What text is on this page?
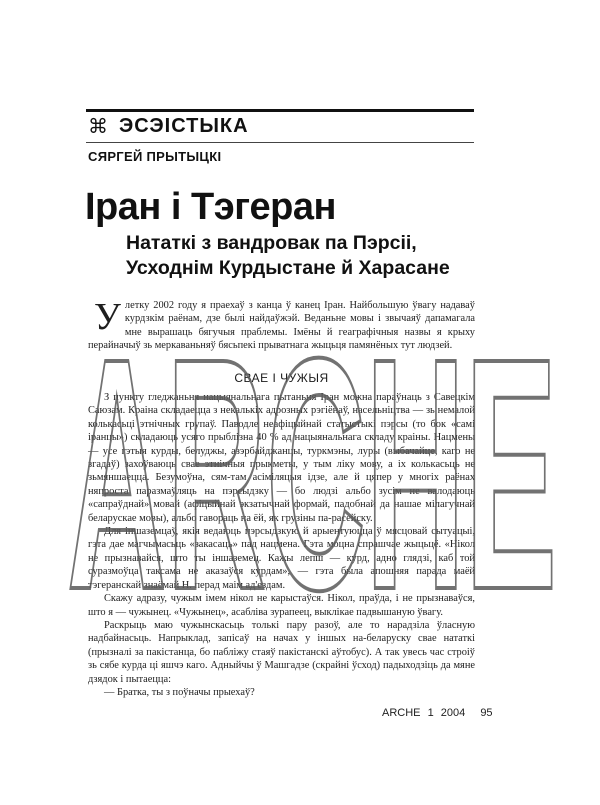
ARCHE
⌘ ЭСЭІСТЫКА
СЯРГЕЙ ПРЫТЫЦКІ
Іран і Тэгеран
Нататкі з вандровак па Пэрсіі,
Усходнім Курдыстане й Харасане
У летку 2002 году я праехаў з канца ў канец Іран. Найбольшую ўвагу надаваў курдзкім раёнам, дзе былі найдаўжэй. Веданьне мовы і звычаяў дапамагала мне вырашаць бягучыя праблемы. Імёны й геаграфічныя назвы я крыху перайначыў зь меркаваньняў бясьпекі прыватнага жыцьця памянёных тут людзей.
СВАЕ І ЧУЖЫЯ

З пункту гледжаньня нацыянальнага пытаньня Іран можна параўнаць з Савецкім Саюзам. Краіна складаецца з некалькіх адрозных рэгіёнаў, насельніцтва — зь немалой колькасьці этнічных групаў. Паводле неафіцыйнай статыстыкі пэрсы (то бок «самі іранцы») складаюць усяго прыблізна 40 % ад нацыянальнага складу краіны. Нацмены — усе гэтыя курды, белуджы, азэрбайджанцы, туркмэны, луры (выбачайце, каго не згадаў) захоўваюць свае этнічныя прыкметы, у тым ліку мову, а іх колькасьць не зьмяншаецца. Безумоўна, сям-там асіміляцыя ідзе, але й цяпер у многіх раёнах няпроста паразмаўляць на пэрсыдзку — бо людзі альбо зусім не валодаюць «сапраўднай» мовай (афіцыйнай экзатычнай формай, падобнай да нашае мілагучнай беларускае мовы), альбо гавораць на ёй, як грузіны па-расейску.

Для іншаземцаў, якія ведаюць пэрсыдзкую й арыентуюцца ў мясцовай сытуацыі, гэта дае магчымасьць «закасаць» пад нацмена. Гэта моцна спрашчае жыцьцё. «Нікол не прызнавайся, што ты іншаземец. Кажы лепш — курд, адно глядзі, каб той суразмоўца таксама не аказаўся курдам», — гэта была апошняя парада маёй тэгеранскай знаёмай Н. перад маім ад'ездам.

Скажу адразу, чужым імем нікол не карыстаўся. Нікол, праўда, і не прызнаваўся, што я — чужынец. «Чужынец», асабліва зурапеец, выклікае падвышаную ўвагу.

Раскрыць маю чужынскасьць толькі пару разоў, але то нарадзіла ўласную надбайнасьць. Напрыклад, запісаў на начах у іншых на-беларуску свае нататкі (прызналі за пакістанца, бо пабліжу стаяў пакістанскі аўтобус). А так увесь час строіў зь сябе курда ці яшчэ каго. Адныйчы ў Машгадзе (скрайні ўсход) падыходзіць да мяне дзядок і пытаецца:

— Братка, ты з поўначы прыехаў?

ARCHE 1 2004 95
